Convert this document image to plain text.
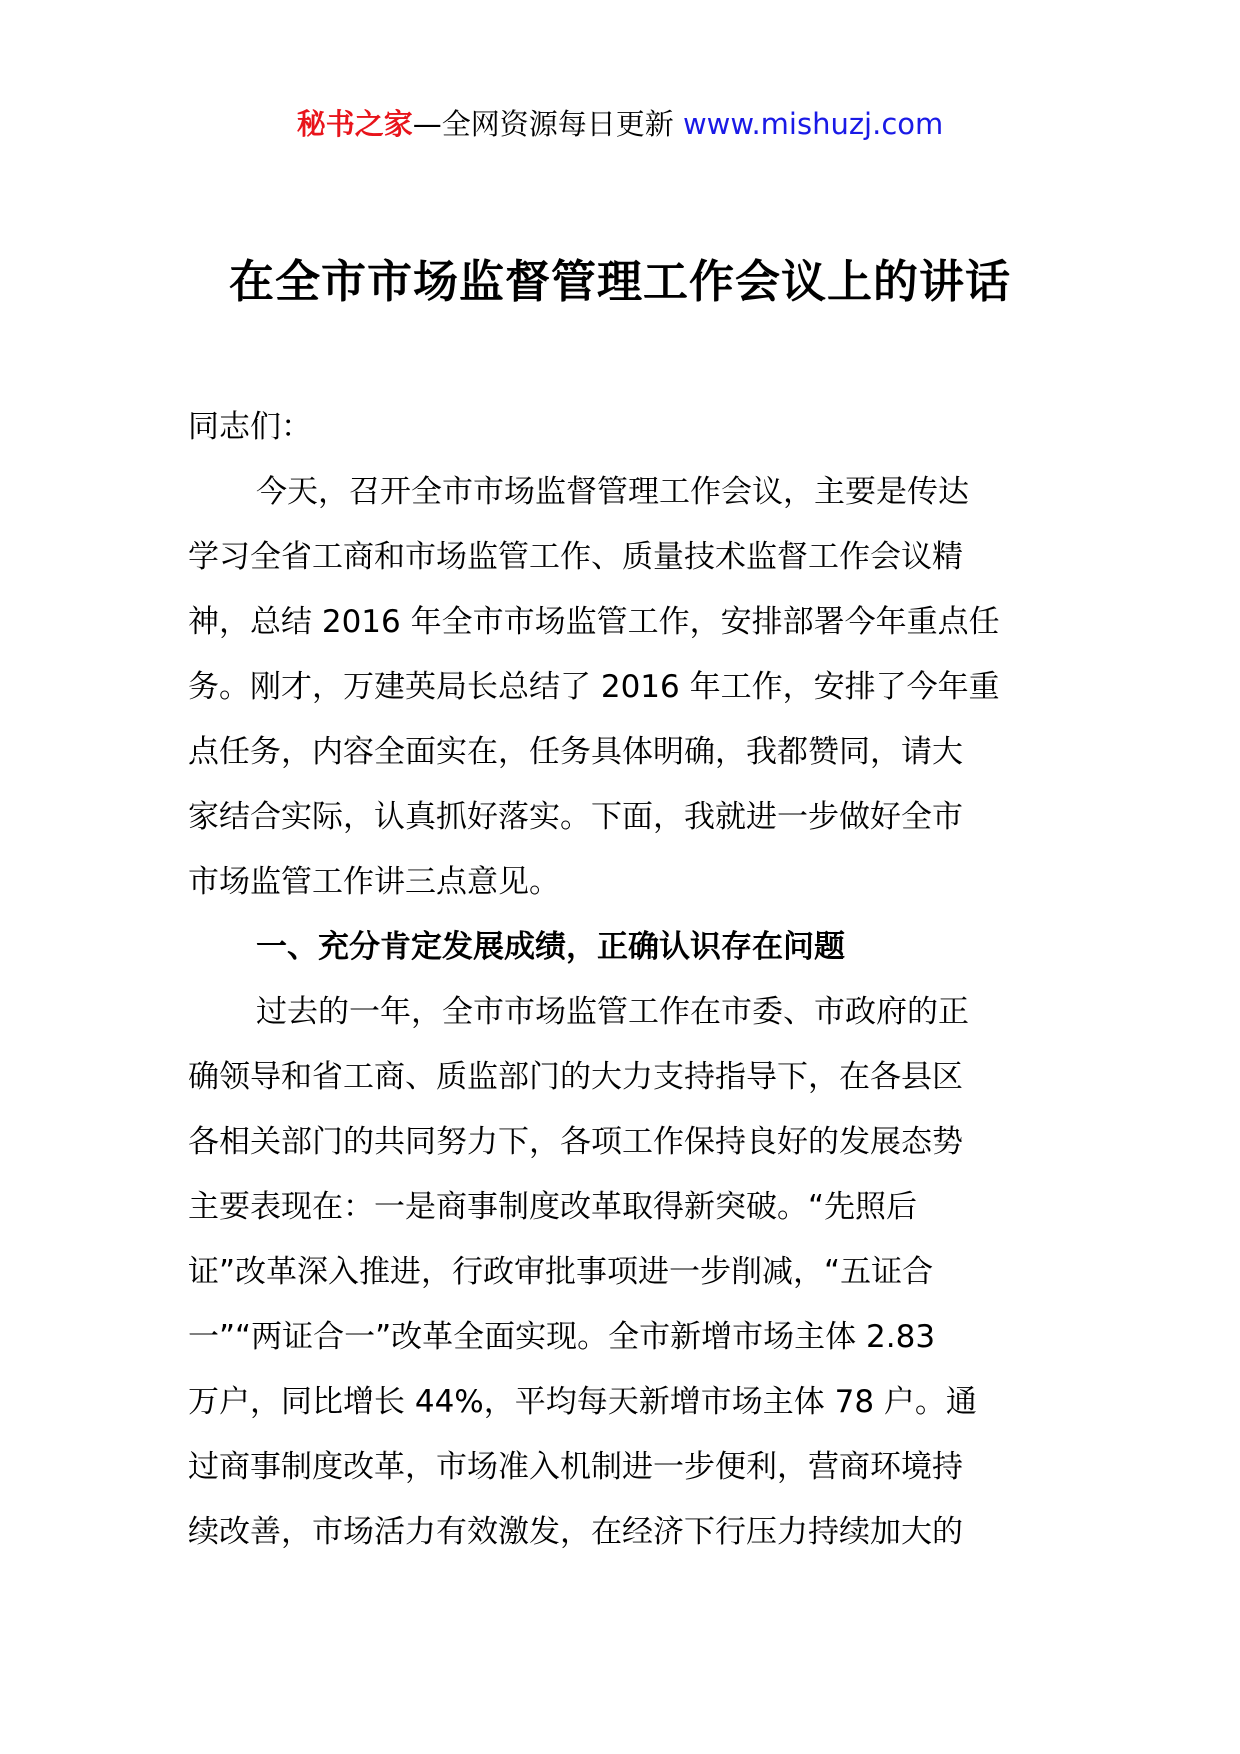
秘书之家—全网资源每日更新 www.mishuzj.com
在全市市场监督管理工作会议上的讲话

同志们：

今天，召开全市市场监督管理工作会议，主要是传达
学习全省工商和市场监管工作、质量技术监督工作会议精
神，总结 2016 年全市市场监管工作，安排部署今年重点任
务。刚才，万建英局长总结了 2016 年工作，安排了今年重
点任务，内容全面实在，任务具体明确，我都赞同，请大
家结合实际，认真抓好落实。下面，我就进一步做好全市
市场监管工作讲三点意见。

一、充分肯定发展成绩，正确认识存在问题

过去的一年，全市市场监管工作在市委、市政府的正
确领导和省工商、质监部门的大力支持指导下，在各县区
各相关部门的共同努力下，各项工作保持良好的发展态势
主要表现在：一是商事制度改革取得新突破。“先照后
证”改革深入推进，行政审批事项进一步削减，“五证合
一”“两证合一”改革全面实现。全市新增市场主体 2.83
万户，同比增长 44%，平均每天新增市场主体 78 户。通
过商事制度改革，市场准入机制进一步便利，营商环境持
续改善，市场活力有效激发，在经济下行压力持续加大的
